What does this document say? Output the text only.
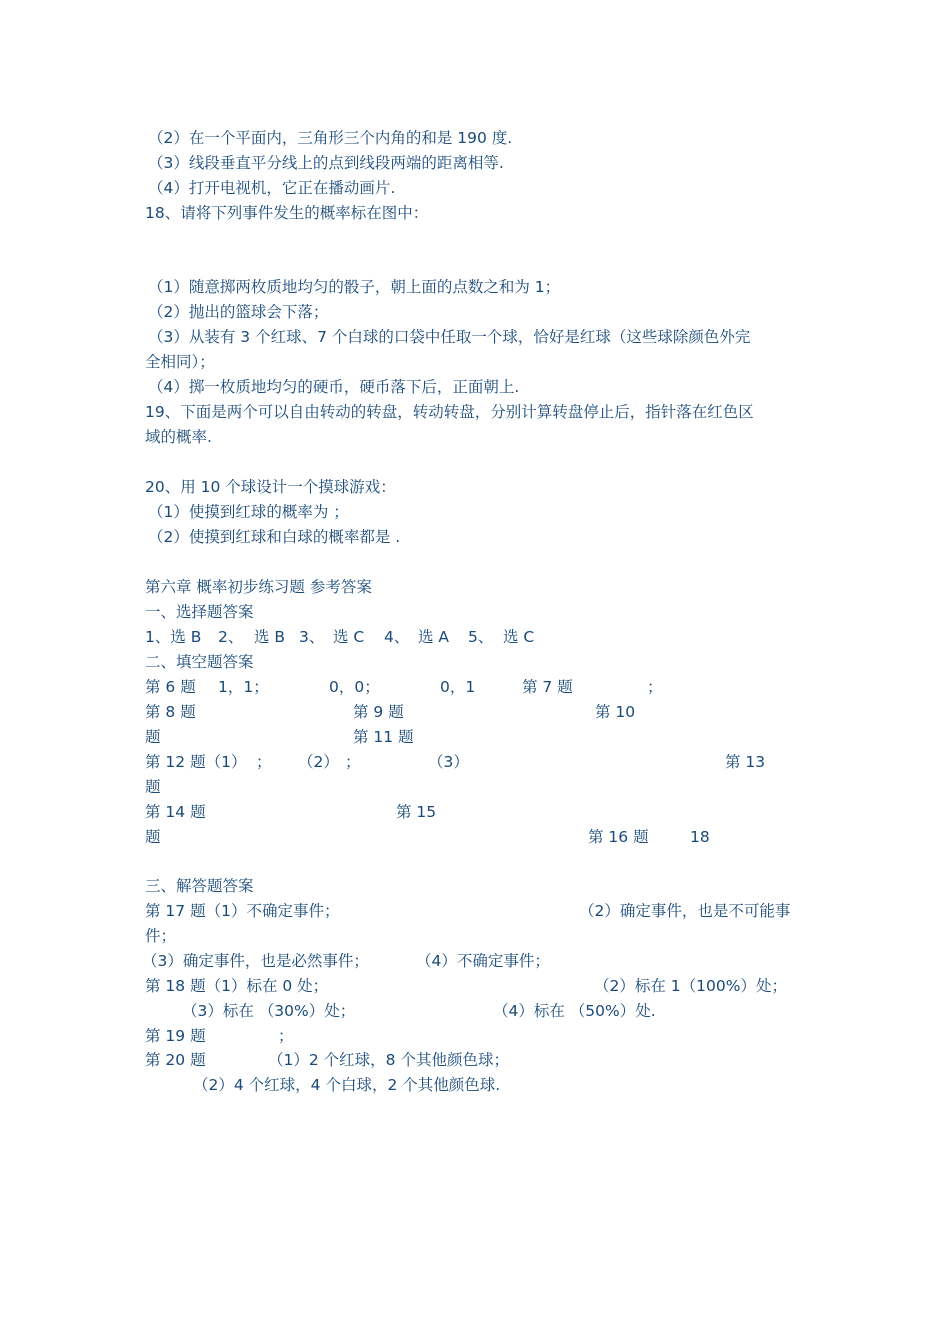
（2）在一个平面内，三角形三个内角的和是 190 度.
（3）线段垂直平分线上的点到线段两端的距离相等.
（4）打开电视机，它正在播动画片.
18、请将下列事件发生的概率标在图中：
（1）随意掷两枚质地均匀的骰子，朝上面的点数之和为 1；
（2）抛出的篮球会下落；
（3）从装有 3 个红球、7 个白球的口袋中任取一个球，恰好是红球（这些球除颜色外完
全相同）；
（4）掷一枚质地均匀的硬币，硬币落下后，正面朝上.
19、下面是两个可以自由转动的转盘，转动转盘，分别计算转盘停止后，指针落在红色区
域的概率.
20、用 10 个球设计一个摸球游戏：
（1）使摸到红球的概率为 ；
（2）使摸到红球和白球的概率都是 .
第六章 概率初步练习题 参考答案
一、选择题答案
1、选 B 2、 选 B 3、 选 C 4、 选 A 5、 选 C
二、填空题答案
第 6 题 1，1；	0，0；	0，1	第 7 题	；
第 8 题	第 9 题	第 10
题	第 11 题
第 12 题（1） ； （2） ；	（3）	第 13
题
第 14 题	第 15
题	第 16 题	18
三、解答题答案
第 17 题（1）不确定事件；	（2）确定事件，也是不可能事
件；
（3）确定事件，也是必然事件；	（4）不确定事件；
第 18 题（1）标在 0 处；	（2）标在 1（100%）处；
（3）标在 （30%）处；	（4）标在 （50%）处.
第 19 题	；
第 20 题	（1）2 个红球，8 个其他颜色球；
（2）4 个红球，4 个白球，2 个其他颜色球.
